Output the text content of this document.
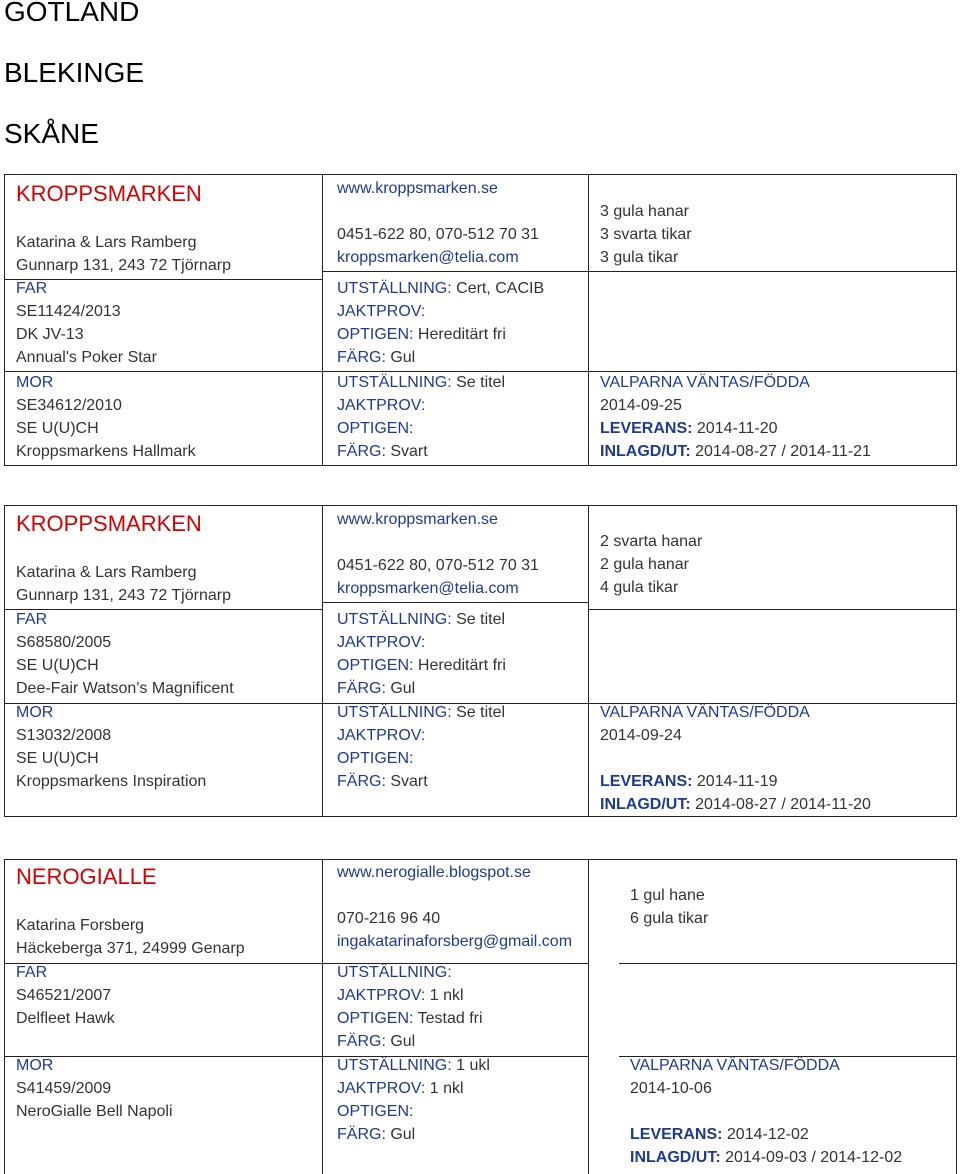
GOTLAND
BLEKINGE
SKÅNE
KROPPSMARKEN
Katarina & Lars Ramberg
Gunnarp 131, 243 72 Tjörnarp
FAR
SE11424/2013
DK JV-13
Annual's Poker Star
MOR
SE34612/2010
SE U(U)CH
Kroppsmarkens Hallmark
www.kroppsmarken.se
0451-622 80, 070-512 70 31
kroppsmarken@telia.com
UTSTÄLLNING: Cert, CACIB
JAKTPROV:
OPTIGEN: Hereditärt fri
FÄRG: Gul
UTSTÄLLNING: Se titel
JAKTPROV:
OPTIGEN:
FÄRG: Svart
3 gula hanar
3 svarta tikar
3 gula tikar
VALPARNA VÄNTAS/FÖDDA
2014-09-25
LEVERANS: 2014-11-20
INLAGD/UT: 2014-08-27 / 2014-11-21
KROPPSMARKEN
Katarina & Lars Ramberg
Gunnarp 131, 243 72 Tjörnarp
FAR
S68580/2005
SE U(U)CH
Dee-Fair Watson's Magnificent
MOR
S13032/2008
SE U(U)CH
Kroppsmarkens Inspiration
www.kroppsmarken.se
0451-622 80, 070-512 70 31
kroppsmarken@telia.com
UTSTÄLLNING: Se titel
JAKTPROV:
OPTIGEN: Hereditärt fri
FÄRG: Gul
UTSTÄLLNING: Se titel
JAKTPROV:
OPTIGEN:
FÄRG: Svart
2 svarta hanar
2 gula hanar
4 gula tikar
VALPARNA VÄNTAS/FÖDDA
2014-09-24
LEVERANS: 2014-11-19
INLAGD/UT: 2014-08-27 / 2014-11-20
NEROGIALLE
Katarina Forsberg
Häckeberga 371, 24999 Genarp
FAR
S46521/2007
Delfleet Hawk
MOR
S41459/2009
NeroGialle Bell Napoli
www.nerogialle.blogspot.se
070-216 96 40
ingakatarinaforsberg@gmail.com
UTSTÄLLNING:
JAKTPROV: 1 nkl
OPTIGEN: Testad fri
FÄRG: Gul
UTSTÄLLNING: 1 ukl
JAKTPROV: 1 nkl
OPTIGEN:
FÄRG: Gul
1 gul hane
6 gula tikar
VALPARNA VÄNTAS/FÖDDA
2014-10-06
LEVERANS: 2014-12-02
INLAGD/UT: 2014-09-03 / 2014-12-02
